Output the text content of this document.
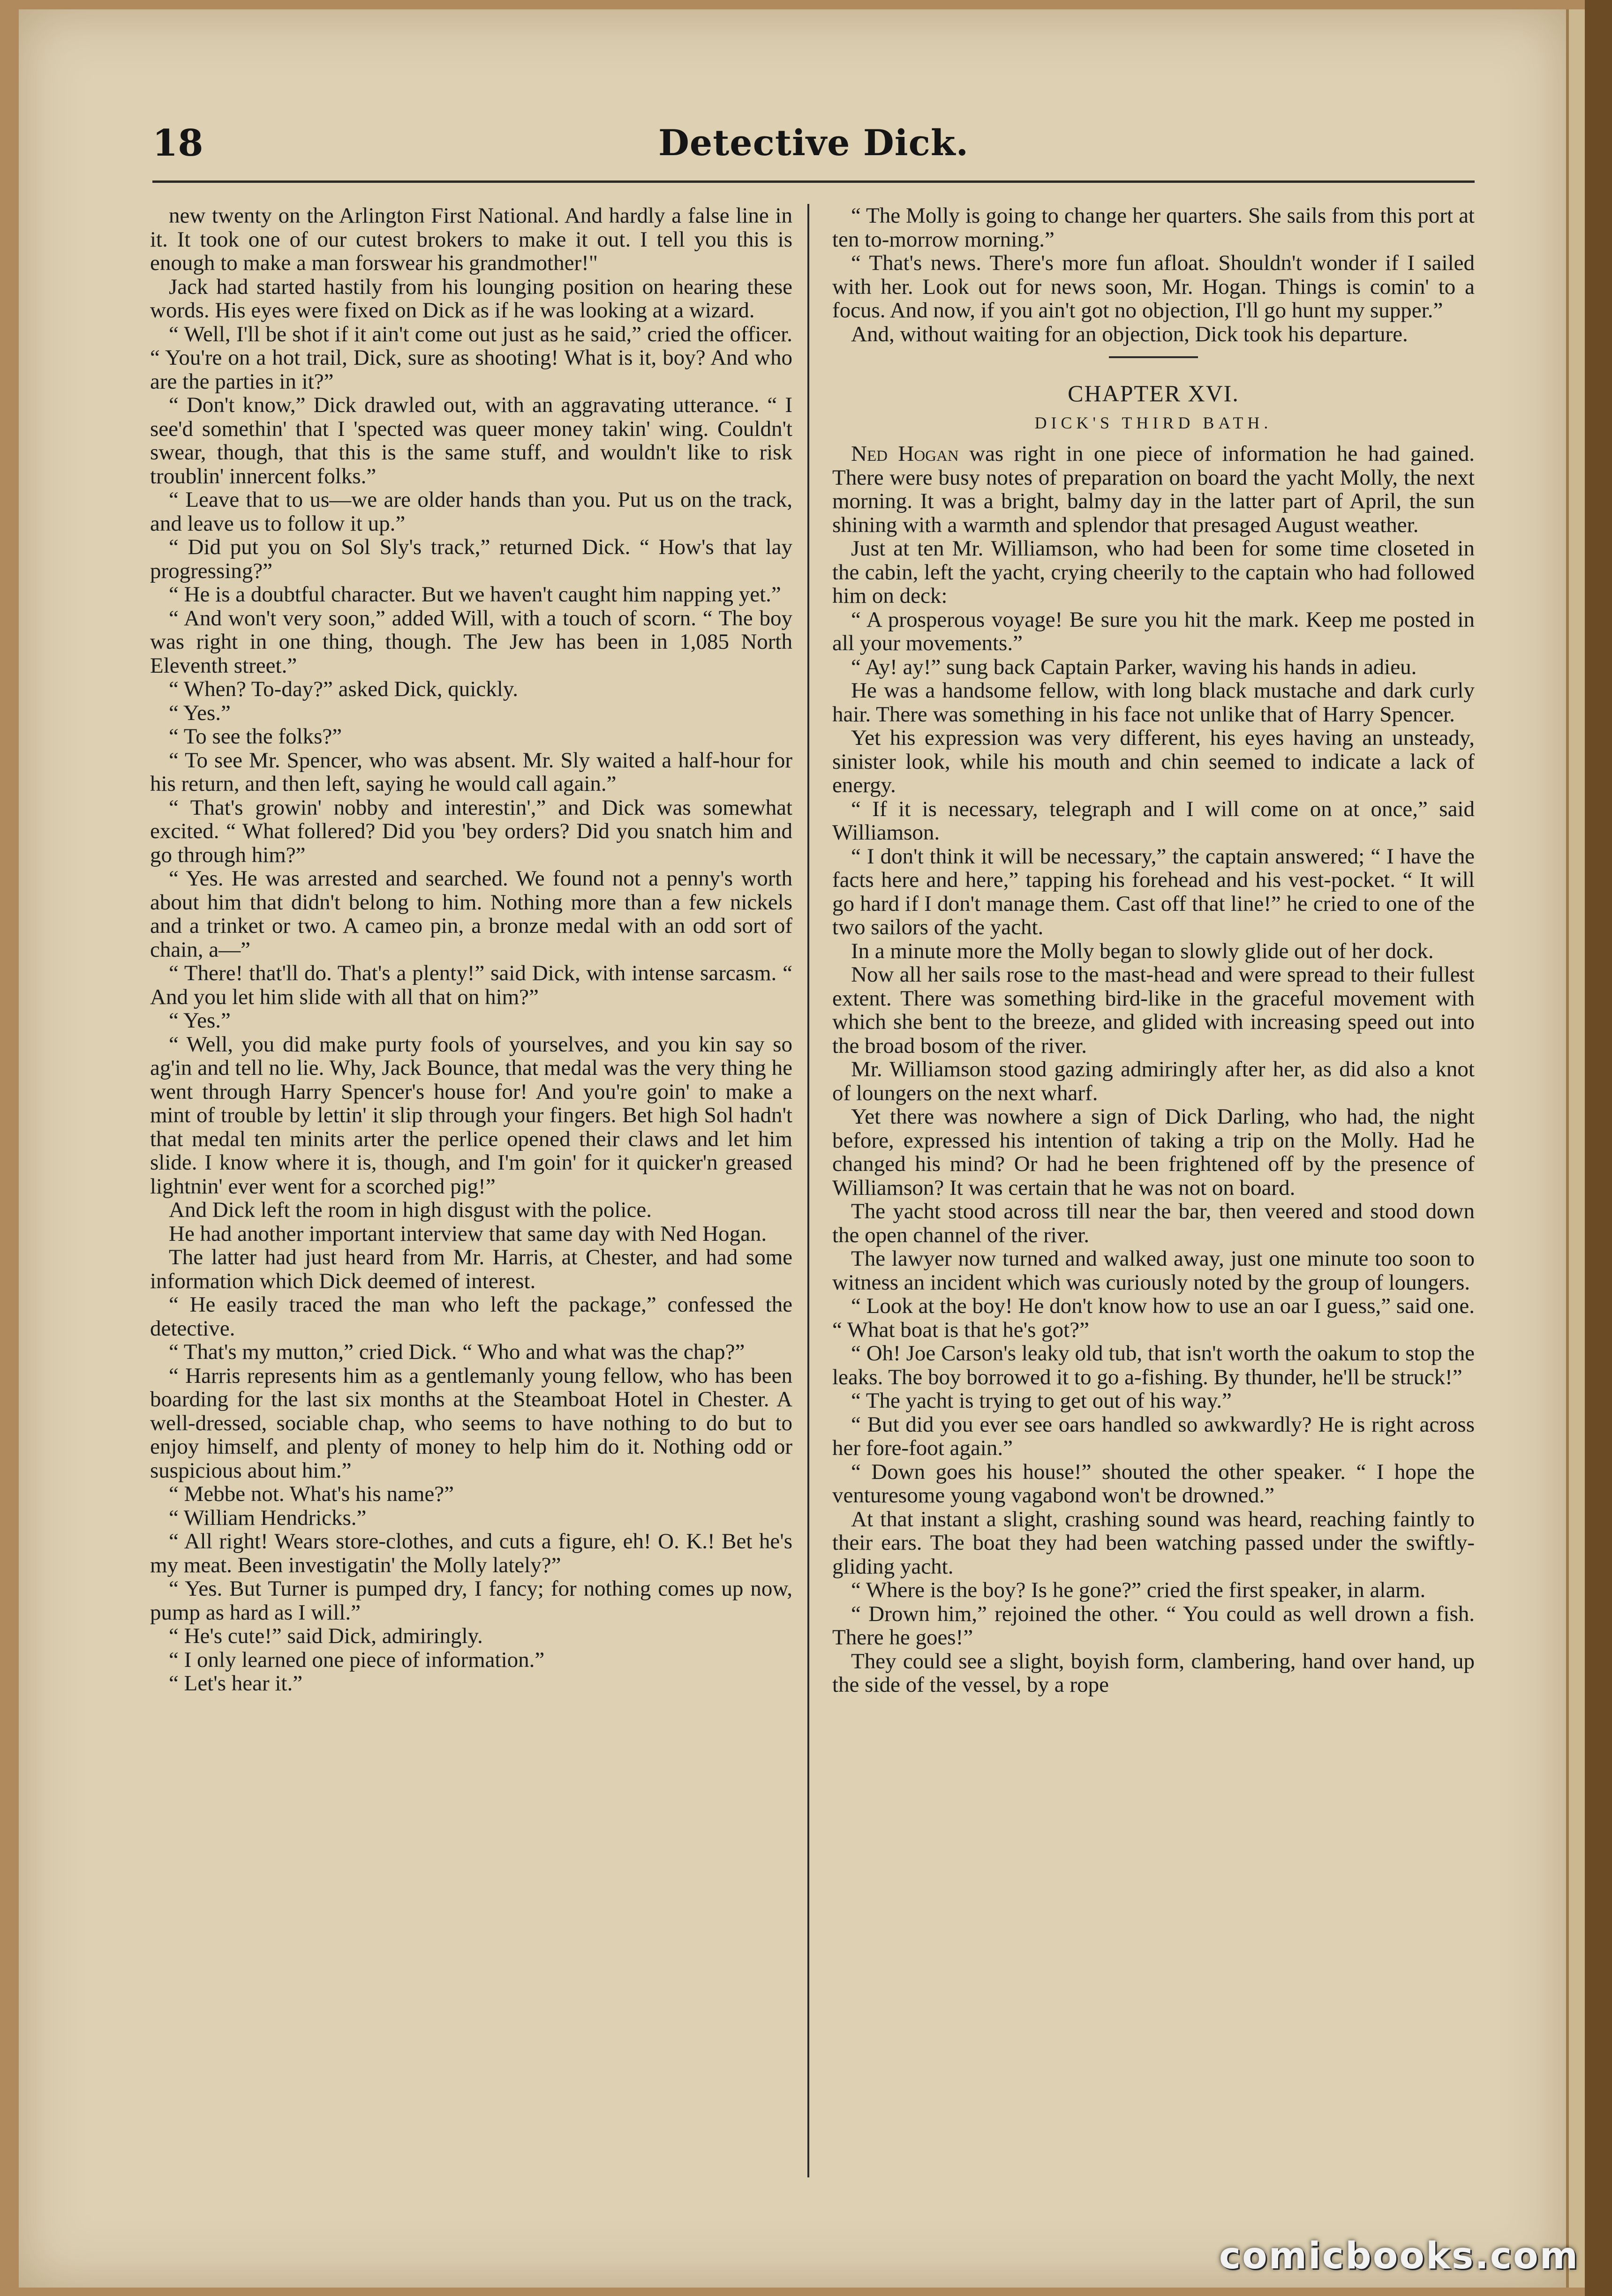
18	Detective Dick.

new twenty on the Arlington First National. And hardly a false line in it. It took one of our cutest brokers to make it out. I tell you this is enough to make a man forswear his grandmother!"

Jack had started hastily from his lounging position on hearing these words. His eyes were fixed on Dick as if he was looking at a wizard.

“ Well, I'll be shot if it ain't come out just as he said,” cried the officer. “ You're on a hot trail, Dick, sure as shooting! What is it, boy? And who are the parties in it?”

“ Don't know,” Dick drawled out, with an aggravating utterance. “ I see'd somethin' that I 'spected was queer money takin' wing. Couldn't swear, though, that this is the same stuff, and wouldn't like to risk troublin' innercent folks.”

“ Leave that to us—we are older hands than you. Put us on the track, and leave us to follow it up.”

“ Did put you on Sol Sly's track,” returned Dick. “ How's that lay progressing?”

“ He is a doubtful character. But we haven't caught him napping yet.”

“ And won't very soon,” added Will, with a touch of scorn. “ The boy was right in one thing, though. The Jew has been in 1,085 North Eleventh street.”

“ When? To-day?” asked Dick, quickly.

“ Yes.”

“ To see the folks?”

“ To see Mr. Spencer, who was absent. Mr. Sly waited a half-hour for his return, and then left, saying he would call again.”

“ That's growin' nobby and interestin',” and Dick was somewhat excited. “ What follered? Did you 'bey orders? Did you snatch him and go through him?”

“ Yes. He was arrested and searched. We found not a penny's worth about him that didn't belong to him. Nothing more than a few nickels and a trinket or two. A cameo pin, a bronze medal with an odd sort of chain, a—”

“ There! that'll do. That's a plenty!” said Dick, with intense sarcasm. “ And you let him slide with all that on him?”

“ Yes.”

“ Well, you did make purty fools of yourselves, and you kin say so ag'in and tell no lie. Why, Jack Bounce, that medal was the very thing he went through Harry Spencer's house for! And you're goin' to make a mint of trouble by lettin' it slip through your fingers. Bet high Sol hadn't that medal ten minits arter the perlice opened their claws and let him slide. I know where it is, though, and I'm goin' for it quicker'n greased lightnin' ever went for a scorched pig!”

And Dick left the room in high disgust with the police.

He had another important interview that same day with Ned Hogan.

The latter had just heard from Mr. Harris, at Chester, and had some information which Dick deemed of interest.

“ He easily traced the man who left the package,” confessed the detective.

“ That's my mutton,” cried Dick. “ Who and what was the chap?”

“ Harris represents him as a gentlemanly young fellow, who has been boarding for the last six months at the Steamboat Hotel in Chester. A well-dressed, sociable chap, who seems to have nothing to do but to enjoy himself, and plenty of money to help him do it. Nothing odd or suspicious about him.”

“ Mebbe not. What's his name?”

“ William Hendricks.”

“ All right! Wears store-clothes, and cuts a figure, eh! O. K.! Bet he's my meat. Been investigatin' the Molly lately?”

“ Yes. But Turner is pumped dry, I fancy; for nothing comes up now, pump as hard as I will.”

“ He's cute!” said Dick, admiringly.

“ I only learned one piece of information.”

“ Let's hear it.”

“ The Molly is going to change her quarters. She sails from this port at ten to-morrow morning.”

“ That's news. There's more fun afloat. Shouldn't wonder if I sailed with her. Look out for news soon, Mr. Hogan. Things is comin' to a focus. And now, if you ain't got no objection, I'll go hunt my supper.”

And, without waiting for an objection, Dick took his departure.

CHAPTER XVI.

DICK'S THIRD BATH.

Ned Hogan was right in one piece of information he had gained. There were busy notes of preparation on board the yacht Molly, the next morning. It was a bright, balmy day in the latter part of April, the sun shining with a warmth and splendor that presaged August weather.

Just at ten Mr. Williamson, who had been for some time closeted in the cabin, left the yacht, crying cheerily to the captain who had followed him on deck:

“ A prosperous voyage! Be sure you hit the mark. Keep me posted in all your movements.”

“ Ay! ay!” sung back Captain Parker, waving his hands in adieu.

He was a handsome fellow, with long black mustache and dark curly hair. There was something in his face not unlike that of Harry Spencer.

Yet his expression was very different, his eyes having an unsteady, sinister look, while his mouth and chin seemed to indicate a lack of energy.

“ If it is necessary, telegraph and I will come on at once,” said Williamson.

“ I don't think it will be necessary,” the captain answered; “ I have the facts here and here,” tapping his forehead and his vest-pocket. “ It will go hard if I don't manage them. Cast off that line!” he cried to one of the two sailors of the yacht.

In a minute more the Molly began to slowly glide out of her dock.

Now all her sails rose to the mast-head and were spread to their fullest extent. There was something bird-like in the graceful movement with which she bent to the breeze, and glided with increasing speed out into the broad bosom of the river.

Mr. Williamson stood gazing admiringly after her, as did also a knot of loungers on the next wharf.

Yet there was nowhere a sign of Dick Darling, who had, the night before, expressed his intention of taking a trip on the Molly. Had he changed his mind? Or had he been frightened off by the presence of Williamson? It was certain that he was not on board.

The yacht stood across till near the bar, then veered and stood down the open channel of the river.

The lawyer now turned and walked away, just one minute too soon to witness an incident which was curiously noted by the group of loungers.

“ Look at the boy! He don't know how to use an oar I guess,” said one. “ What boat is that he's got?”

“ Oh! Joe Carson's leaky old tub, that isn't worth the oakum to stop the leaks. The boy borrowed it to go a-fishing. By thunder, he'll be struck!”

“ The yacht is trying to get out of his way.”

“ But did you ever see oars handled so awkwardly? He is right across her fore-foot again.”

“ Down goes his house!” shouted the other speaker. “ I hope the venturesome young vagabond won't be drowned.”

At that instant a slight, crashing sound was heard, reaching faintly to their ears. The boat they had been watching passed under the swiftly-gliding yacht.

“ Where is the boy? Is he gone?” cried the first speaker, in alarm.

“ Drown him,” rejoined the other. “ You could as well drown a fish. There he goes!”

They could see a slight, boyish form, clambering, hand over hand, up the side of the vessel, by a rope

comicbooks.com
